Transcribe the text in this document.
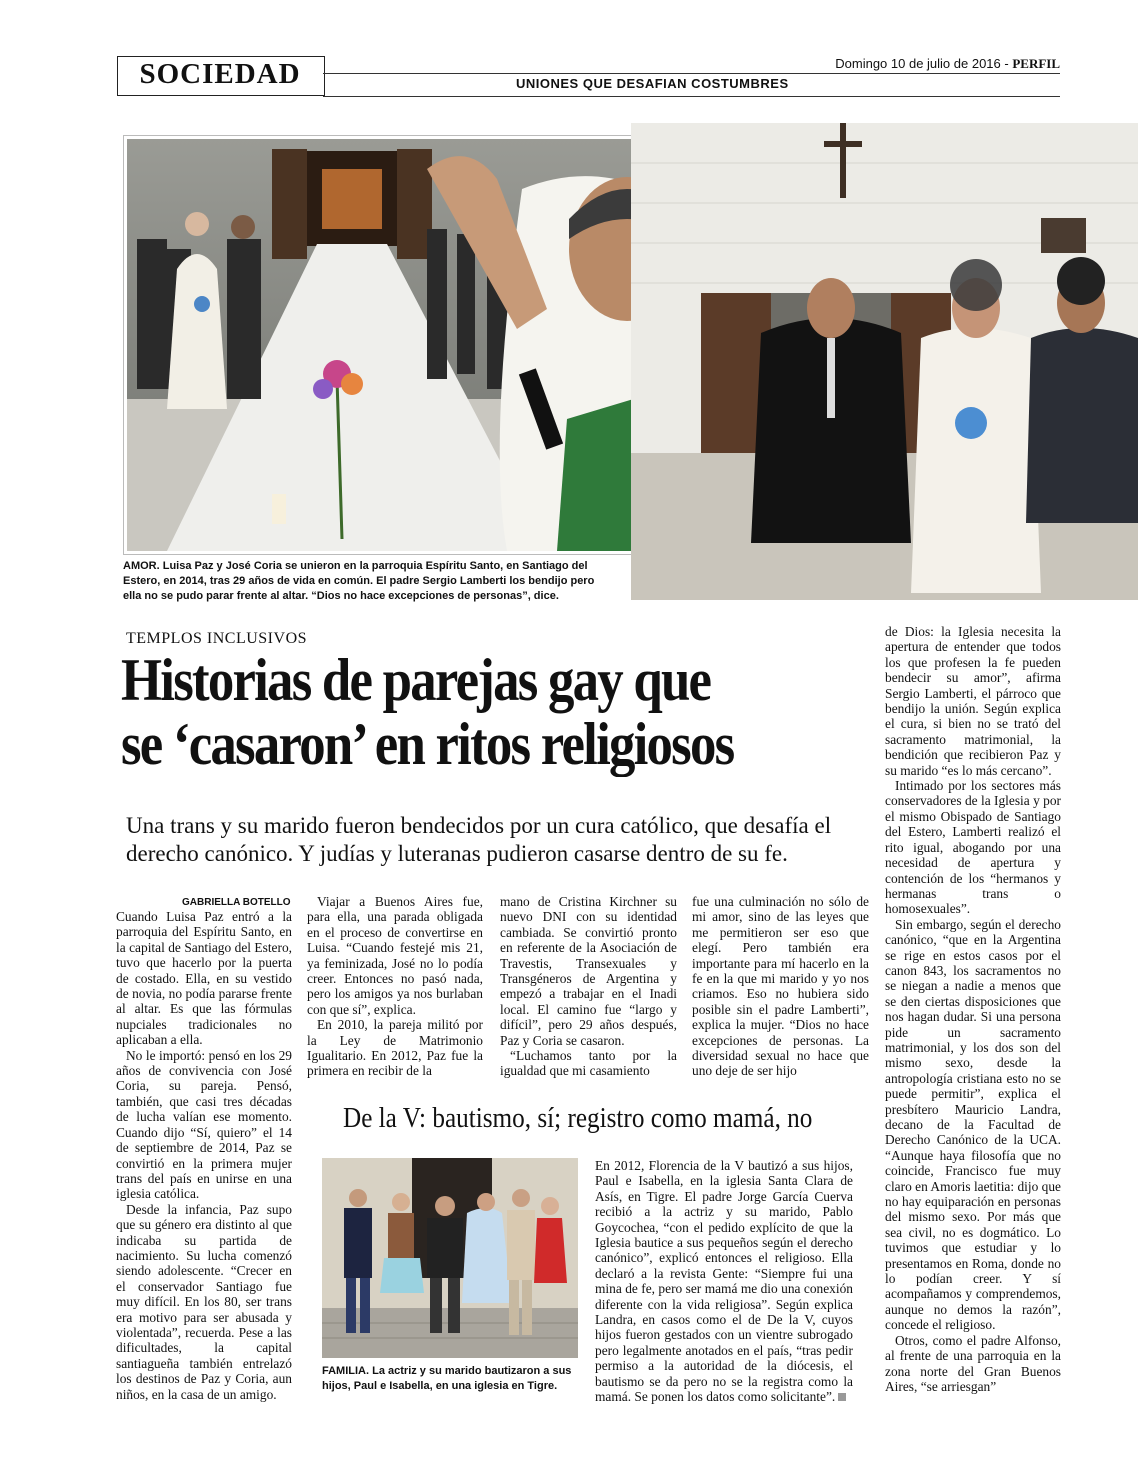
SOCIEDAD	Domingo 10 de julio de 2016 - PERFIL
UNIONES QUE DESAFIAN COSTUMBRES
AMOR. Luisa Paz y José Coria se unieron en la parroquia Espíritu Santo, en Santiago del Estero, en 2014, tras 29 años de vida en común. El padre Sergio Lamberti los bendijo pero ella no se pudo parar frente al altar. “Dios no hace excepciones de personas”, dice.
TEMPLOS INCLUSIVOS
Historias de parejas gay que
se ‘casaron’ en ritos religiosos
Una trans y su marido fueron bendecidos por un cura católico, que desafía el derecho canónico. Y judías y luteranas pudieron casarse dentro de su fe.
GABRIELLA BOTELLO

Cuando Luisa Paz entró a la parroquia del Espíritu Santo, en la capital de Santiago del Estero, tuvo que hacerlo por la puerta de costado. Ella, en su vestido de novia, no podía pararse frente al altar. Es que las fórmulas nupciales tradicionales no aplicaban a ella.

No le importó: pensó en los 29 años de convivencia con José Coria, su pareja. Pensó, también, que casi tres décadas de lucha valían ese momento. Cuando dijo “Sí, quiero” el 14 de septiembre de 2014, Paz se convirtió en la primera mujer trans del país en unirse en una iglesia católica.

Desde la infancia, Paz supo que su género era distinto al que indicaba su partida de nacimiento. Su lucha comenzó siendo adolescente. “Crecer en el conservador Santiago fue muy difícil. En los 80, ser trans era motivo para ser abusada y violentada”, recuerda. Pese a las dificultades, la capital santiagueña también entrelazó los destinos de Paz y Coria, aun niños, en la casa de un amigo.

Viajar a Buenos Aires fue, para ella, una parada obligada en el proceso de convertirse en Luisa. “Cuando festejé mis 21, ya feminizada, José no lo podía creer. Entonces no pasó nada, pero los amigos ya nos burlaban con que sí”, explica.

En 2010, la pareja militó por la Ley de Matrimonio Igualitario. En 2012, Paz fue la primera en recibir de la

mano de Cristina Kirchner su nuevo DNI con su identidad cambiada. Se convirtió pronto en referente de la Asociación de Travestis, Transexuales y Transgéneros de Argentina y empezó a trabajar en el Inadi local. El camino fue “largo y difícil”, pero 29 años después, Paz y Coria se casaron.

“Luchamos tanto por la igualdad que mi casamiento

fue una culminación no sólo de mi amor, sino de las leyes que me permitieron ser eso que elegí. Pero también era importante para mí hacerlo en la fe en la que mi marido y yo nos criamos. Eso no hubiera sido posible sin el padre Lamberti”, explica la mujer. “Dios no hace excepciones de personas. La diversidad sexual no hace que uno deje de ser hijo

de Dios: la Iglesia necesita la apertura de entender que todos los que profesen la fe pueden bendecir su amor”, afirma Sergio Lamberti, el párroco que bendijo la unión. Según explica el cura, si bien no se trató del sacramento matrimonial, la bendición que recibieron Paz y su marido “es lo más cercano”.

Intimado por los sectores más conservadores de la Iglesia y por el mismo Obispado de Santiago del Estero, Lamberti realizó el rito igual, abogando por una necesidad de apertura y contención de los “hermanos y hermanas trans o homosexuales”.

Sin embargo, según el derecho canónico, “que en la Argentina se rige en estos casos por el canon 843, los sacramentos no se niegan a nadie a menos que se den ciertas disposiciones que nos hagan dudar. Si una persona pide un sacramento matrimonial, y los dos son del mismo sexo, desde la antropología cristiana esto no se puede permitir”, explica el presbítero Mauricio Landra, decano de la Facultad de Derecho Canónico de la UCA. “Aunque haya filosofía que no coincide, Francisco fue muy claro en Amoris laetitia: dijo que no hay equiparación en personas del mismo sexo. Por más que sea civil, no es dogmático. Lo tuvimos que estudiar y lo presentamos en Roma, donde no lo podían creer. Y sí acompañamos y comprendemos, aunque no demos la razón”, concede el religioso.

Otros, como el padre Alfonso, al frente de una parroquia en la zona norte del Gran Buenos Aires, “se arriesgan”

De la V: bautismo, sí; registro como mamá, no
FAMILIA. La actriz y su marido bautizaron a sus hijos, Paul e Isabella, en una iglesia en Tigre.

En 2012, Florencia de la V bautizó a sus hijos, Paul e Isabella, en la iglesia Santa Clara de Asís, en Tigre. El padre Jorge García Cuerva recibió a la actriz y su marido, Pablo Goycochea, “con el pedido explícito de que la Iglesia bautice a sus pequeños según el derecho canónico”, explicó entonces el religioso. Ella declaró a la revista Gente: “Siempre fui una mina de fe, pero ser mamá me dio una conexión diferente con la vida religiosa”. Según explica Landra, en casos como el de De la V, cuyos hijos fueron gestados con un vientre subrogado pero legalmente anotados en el país, “tras pedir permiso a la autoridad de la diócesis, el bautismo se da pero no se la registra como la mamá. Se ponen los datos como solicitante”.
